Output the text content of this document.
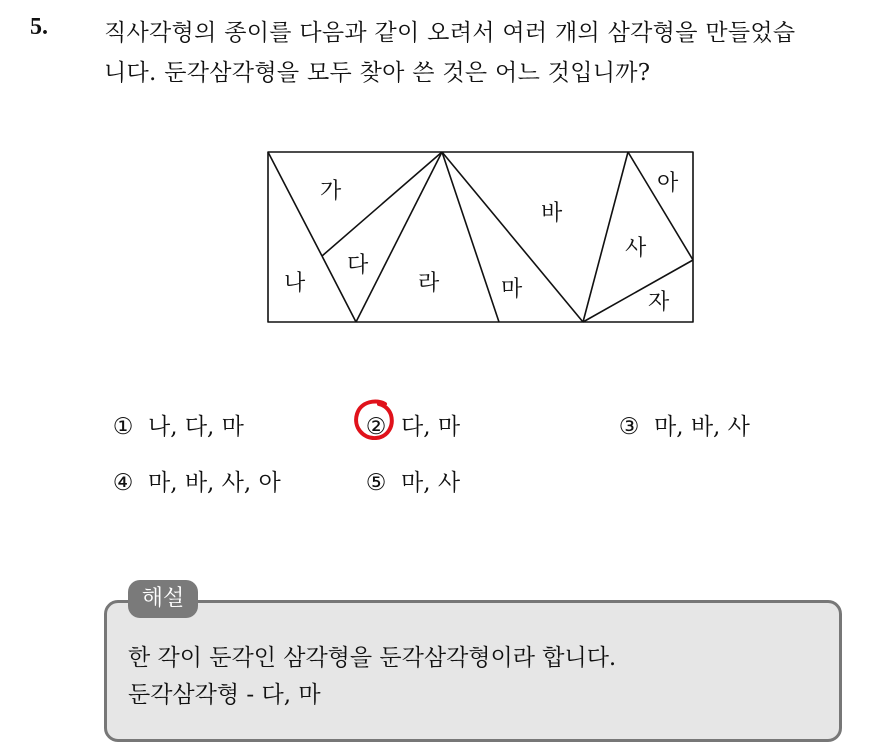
5. 직사각형의 종이를 다음과 같이 오려서 여러 개의 삼각형을 만들었습
니다. 둔각삼각형을 모두 찾아 쓴 것은 어느 것입니까?
가
나
다
라	마
바
사
아
자
① 나, 다, 마	② 다, 마	③ 마, 바, 사
④ 마, 바, 사, 아	⑤ 마, 사
해설
한 각이 둔각인 삼각형을 둔각삼각형이라 합니다.
둔각삼각형 - 다, 마
